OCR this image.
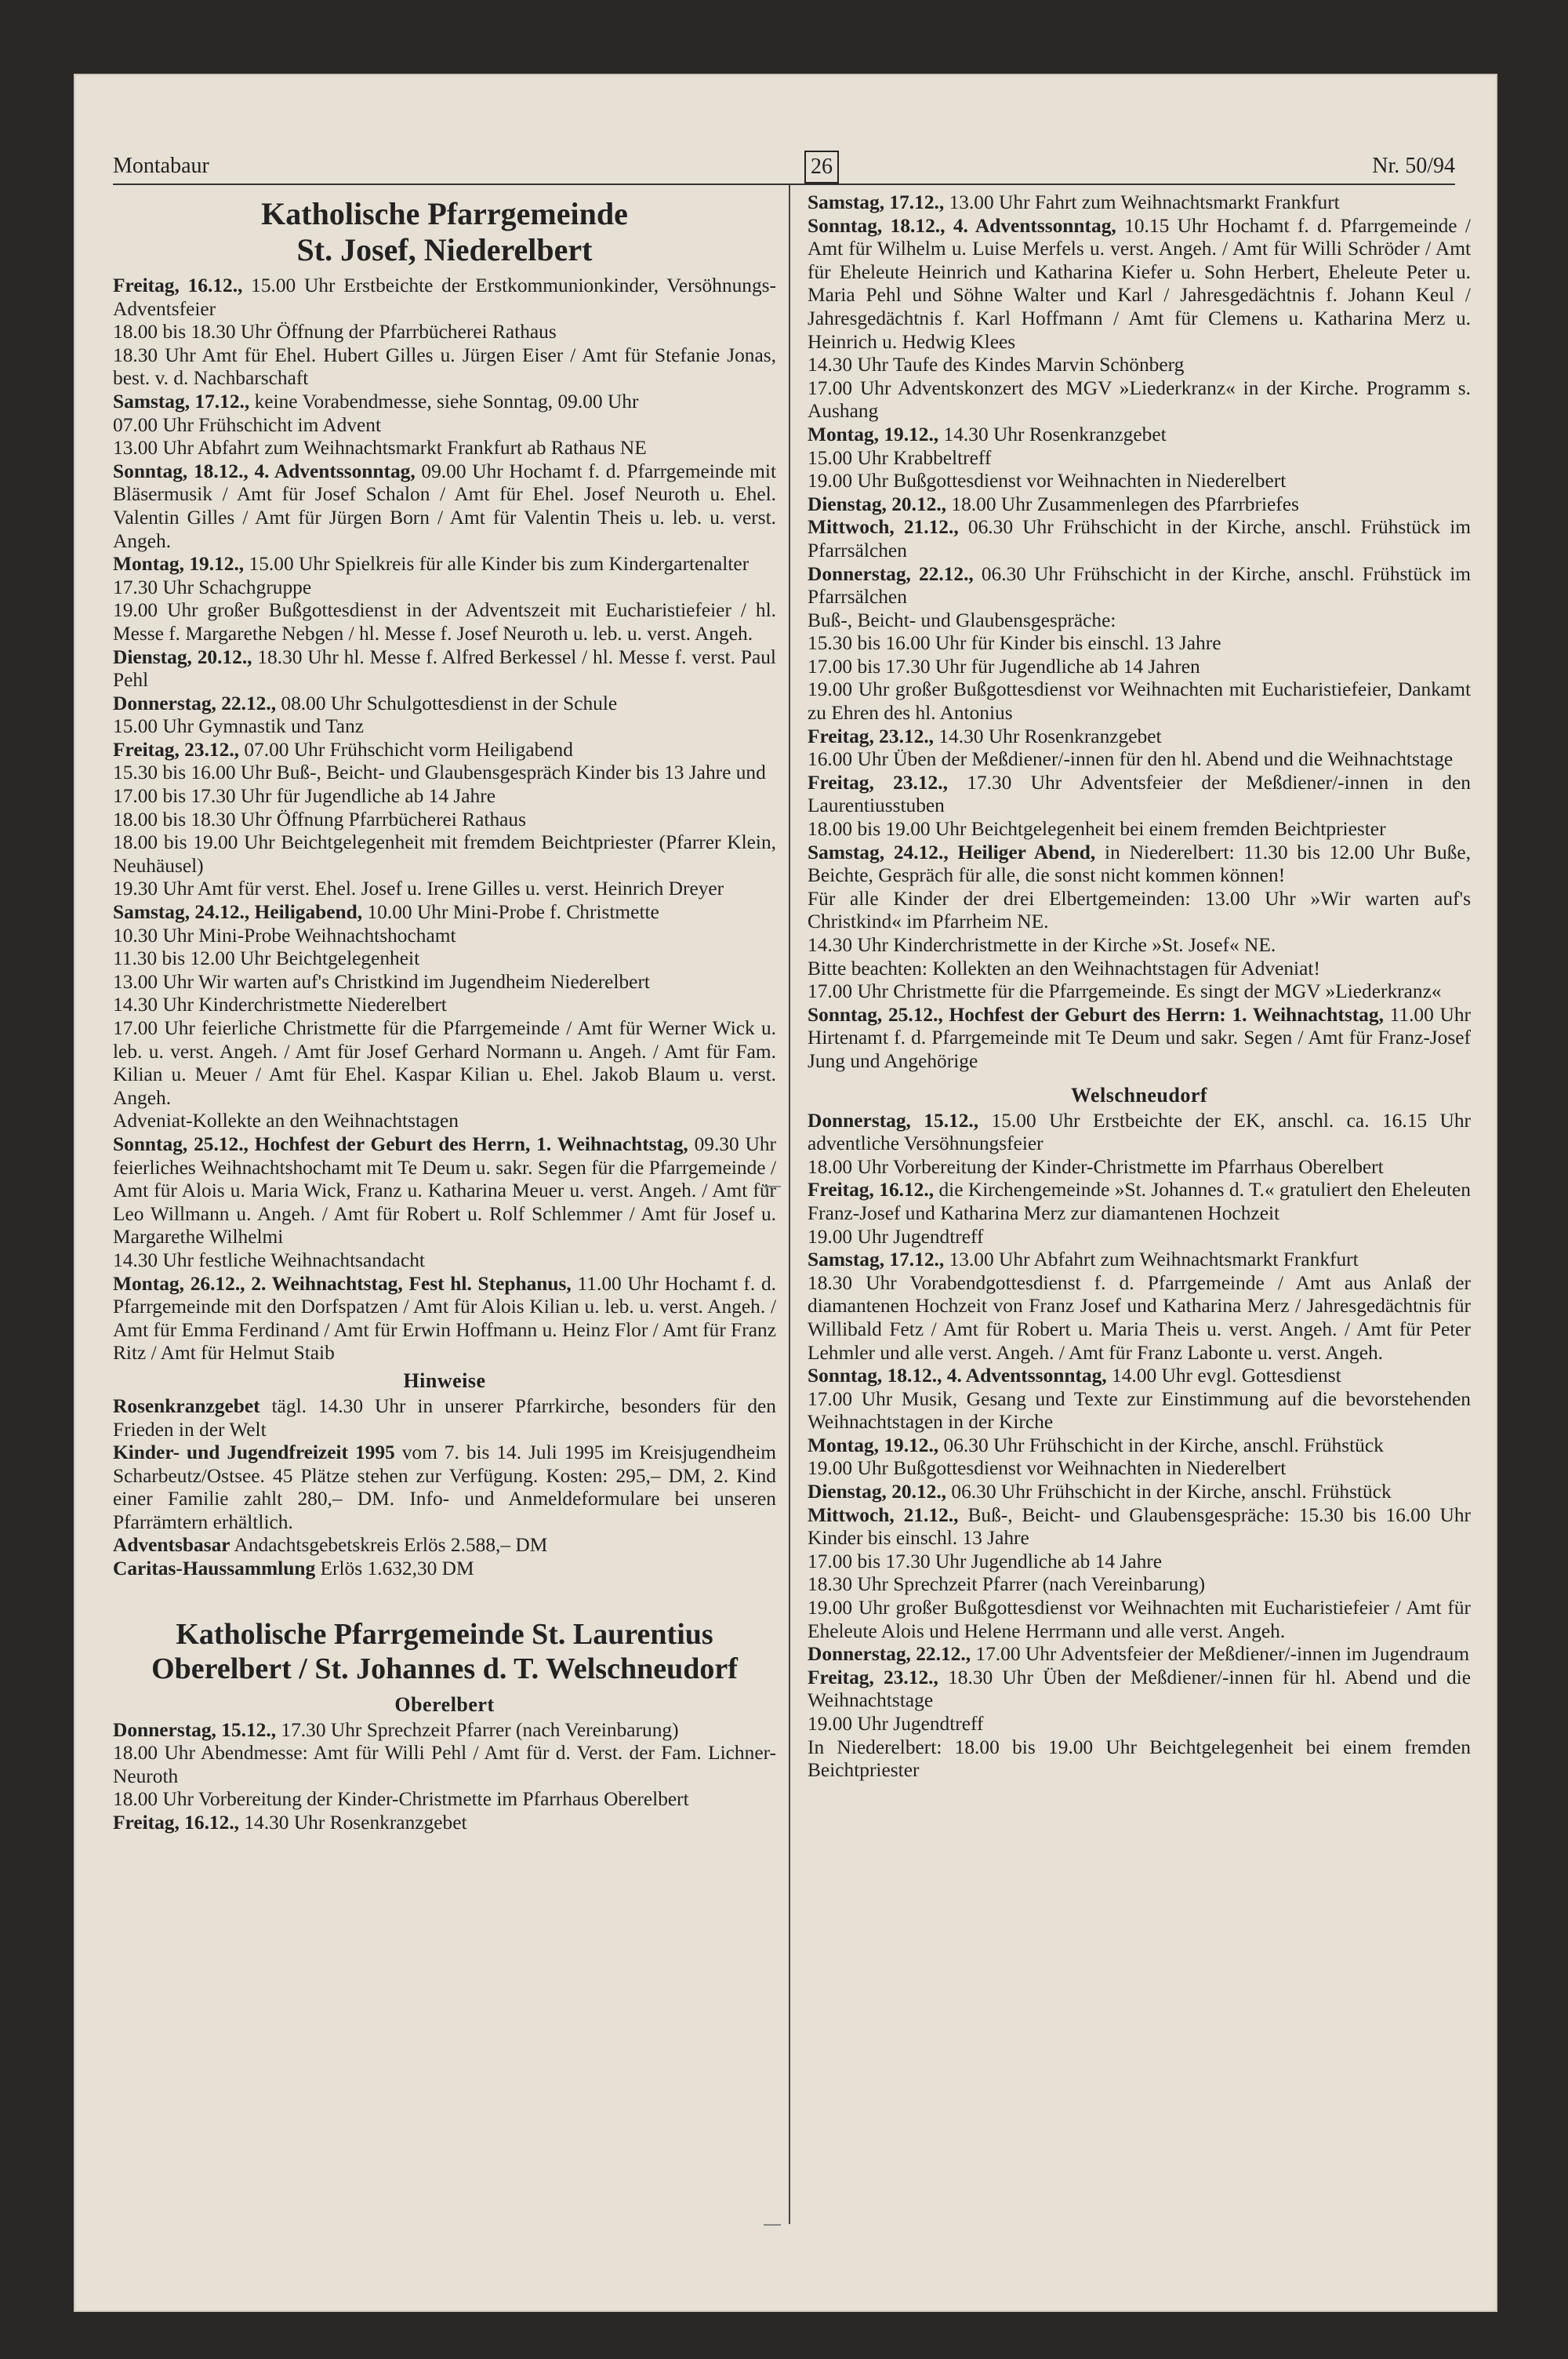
Montabaur	26	Nr. 50/94
Katholische Pfarrgemeinde
St. Josef, Niederelbert

Freitag, 16.12., 15.00 Uhr Erstbeichte der Erstkommunionkinder, Versöhnungs- Adventsfeier

18.00 bis 18.30 Uhr Öffnung der Pfarrbücherei Rathaus

18.30 Uhr Amt für Ehel. Hubert Gilles u. Jürgen Eiser / Amt für Stefanie Jonas, best. v. d. Nachbarschaft

Samstag, 17.12., keine Vorabendmesse, siehe Sonntag, 09.00 Uhr

07.00 Uhr Frühschicht im Advent

13.00 Uhr Abfahrt zum Weihnachtsmarkt Frankfurt ab Rathaus NE

Sonntag, 18.12., 4. Adventssonntag, 09.00 Uhr Hochamt f. d. Pfarrgemeinde mit Bläsermusik / Amt für Josef Schalon / Amt für Ehel. Josef Neuroth u. Ehel. Valentin Gilles / Amt für Jürgen Born / Amt für Valentin Theis u. leb. u. verst. Angeh.

Montag, 19.12., 15.00 Uhr Spielkreis für alle Kinder bis zum Kindergartenalter

17.30 Uhr Schachgruppe

19.00 Uhr großer Bußgottesdienst in der Adventszeit mit Eucharistiefeier / hl. Messe f. Margarethe Nebgen / hl. Messe f. Josef Neuroth u. leb. u. verst. Angeh.

Dienstag, 20.12., 18.30 Uhr hl. Messe f. Alfred Berkessel / hl. Messe f. verst. Paul Pehl

Donnerstag, 22.12., 08.00 Uhr Schulgottesdienst in der Schule

15.00 Uhr Gymnastik und Tanz

Freitag, 23.12., 07.00 Uhr Frühschicht vorm Heiligabend

15.30 bis 16.00 Uhr Buß-, Beicht- und Glaubensgespräch Kinder bis 13 Jahre und

17.00 bis 17.30 Uhr für Jugendliche ab 14 Jahre

18.00 bis 18.30 Uhr Öffnung Pfarrbücherei Rathaus

18.00 bis 19.00 Uhr Beichtgelegenheit mit fremdem Beichtpriester (Pfarrer Klein, Neuhäusel)

19.30 Uhr Amt für verst. Ehel. Josef u. Irene Gilles u. verst. Heinrich Dreyer

Samstag, 24.12., Heiligabend, 10.00 Uhr Mini-Probe f. Christmette

10.30 Uhr Mini-Probe Weihnachtshochamt

11.30 bis 12.00 Uhr Beichtgelegenheit

13.00 Uhr Wir warten auf's Christkind im Jugendheim Niederelbert

14.30 Uhr Kinderchristmette Niederelbert

17.00 Uhr feierliche Christmette für die Pfarrgemeinde / Amt für Werner Wick u. leb. u. verst. Angeh. / Amt für Josef Gerhard Normann u. Angeh. / Amt für Fam. Kilian u. Meuer / Amt für Ehel. Kaspar Kilian u. Ehel. Jakob Blaum u. verst. Angeh.

Adveniat-Kollekte an den Weihnachtstagen

Sonntag, 25.12., Hochfest der Geburt des Herrn, 1. Weihnachtstag, 09.30 Uhr feierliches Weihnachtshochamt mit Te Deum u. sakr. Segen für die Pfarrgemeinde / Amt für Alois u. Maria Wick, Franz u. Katharina Meuer u. verst. Angeh. / Amt für Leo Willmann u. Angeh. / Amt für Robert u. Rolf Schlemmer / Amt für Josef u. Margarethe Wilhelmi

14.30 Uhr festliche Weihnachtsandacht

Montag, 26.12., 2. Weihnachtstag, Fest hl. Stephanus, 11.00 Uhr Hochamt f. d. Pfarrgemeinde mit den Dorfspatzen / Amt für Alois Kilian u. leb. u. verst. Angeh. / Amt für Emma Ferdinand / Amt für Erwin Hoffmann u. Heinz Flor / Amt für Franz Ritz / Amt für Helmut Staib

Hinweise

Rosenkranzgebet tägl. 14.30 Uhr in unserer Pfarrkirche, besonders für den Frieden in der Welt

Kinder- und Jugendfreizeit 1995 vom 7. bis 14. Juli 1995 im Kreisjugendheim Scharbeutz/Ostsee. 45 Plätze stehen zur Verfügung. Kosten: 295,– DM, 2. Kind einer Familie zahlt 280,– DM. Info- und Anmeldeformulare bei unseren Pfarrämtern erhältlich.

Adventsbasar Andachtsgebetskreis Erlös 2.588,– DM

Caritas-Haussammlung Erlös 1.632,30 DM

Katholische Pfarrgemeinde St. Laurentius
Oberelbert / St. Johannes d. T. Welschneudorf
Oberelbert

Donnerstag, 15.12., 17.30 Uhr Sprechzeit Pfarrer (nach Vereinbarung)

18.00 Uhr Abendmesse: Amt für Willi Pehl / Amt für d. Verst. der Fam. Lichner-Neuroth

18.00 Uhr Vorbereitung der Kinder-Christmette im Pfarrhaus Oberelbert

Freitag, 16.12., 14.30 Uhr Rosenkranzgebet

Samstag, 17.12., 13.00 Uhr Fahrt zum Weihnachtsmarkt Frankfurt

Sonntag, 18.12., 4. Adventssonntag, 10.15 Uhr Hochamt f. d. Pfarrgemeinde / Amt für Wilhelm u. Luise Merfels u. verst. Angeh. / Amt für Willi Schröder / Amt für Eheleute Heinrich und Katharina Kiefer u. Sohn Herbert, Eheleute Peter u. Maria Pehl und Söhne Walter und Karl / Jahresgedächtnis f. Johann Keul / Jahresgedächtnis f. Karl Hoffmann / Amt für Clemens u. Katharina Merz u. Heinrich u. Hedwig Klees

14.30 Uhr Taufe des Kindes Marvin Schönberg

17.00 Uhr Adventskonzert des MGV »Liederkranz« in der Kirche. Programm s. Aushang

Montag, 19.12., 14.30 Uhr Rosenkranzgebet

15.00 Uhr Krabbeltreff

19.00 Uhr Bußgottesdienst vor Weihnachten in Niederelbert

Dienstag, 20.12., 18.00 Uhr Zusammenlegen des Pfarrbriefes

Mittwoch, 21.12., 06.30 Uhr Frühschicht in der Kirche, anschl. Frühstück im Pfarrsälchen

Donnerstag, 22.12., 06.30 Uhr Frühschicht in der Kirche, anschl. Frühstück im Pfarrsälchen

Buß-, Beicht- und Glaubensgespräche:

15.30 bis 16.00 Uhr für Kinder bis einschl. 13 Jahre

17.00 bis 17.30 Uhr für Jugendliche ab 14 Jahren

19.00 Uhr großer Bußgottesdienst vor Weihnachten mit Eucharistiefeier, Dankamt zu Ehren des hl. Antonius

Freitag, 23.12., 14.30 Uhr Rosenkranzgebet

16.00 Uhr Üben der Meßdiener/-innen für den hl. Abend und die Weihnachtstage

Freitag, 23.12., 17.30 Uhr Adventsfeier der Meßdiener/-innen in den Laurentiusstuben

18.00 bis 19.00 Uhr Beichtgelegenheit bei einem fremden Beichtpriester

Samstag, 24.12., Heiliger Abend, in Niederelbert: 11.30 bis 12.00 Uhr Buße, Beichte, Gespräch für alle, die sonst nicht kommen können!

Für alle Kinder der drei Elbertgemeinden: 13.00 Uhr »Wir warten auf's Christkind« im Pfarrheim NE.

14.30 Uhr Kinderchristmette in der Kirche »St. Josef« NE.

Bitte beachten: Kollekten an den Weihnachtstagen für Adveniat!

17.00 Uhr Christmette für die Pfarrgemeinde. Es singt der MGV »Liederkranz«

Sonntag, 25.12., Hochfest der Geburt des Herrn: 1. Weihnachtstag, 11.00 Uhr Hirtenamt f. d. Pfarrgemeinde mit Te Deum und sakr. Segen / Amt für Franz-Josef Jung und Angehörige

Welschneudorf

Donnerstag, 15.12., 15.00 Uhr Erstbeichte der EK, anschl. ca. 16.15 Uhr adventliche Versöhnungsfeier

18.00 Uhr Vorbereitung der Kinder-Christmette im Pfarrhaus Oberelbert

Freitag, 16.12., die Kirchengemeinde »St. Johannes d. T.« gratuliert den Eheleuten Franz-Josef und Katharina Merz zur diamantenen Hochzeit

19.00 Uhr Jugendtreff

Samstag, 17.12., 13.00 Uhr Abfahrt zum Weihnachtsmarkt Frankfurt

18.30 Uhr Vorabendgottesdienst f. d. Pfarrgemeinde / Amt aus Anlaß der diamantenen Hochzeit von Franz Josef und Katharina Merz / Jahresgedächtnis für Willibald Fetz / Amt für Robert u. Maria Theis u. verst. Angeh. / Amt für Peter Lehmler und alle verst. Angeh. / Amt für Franz Labonte u. verst. Angeh.

Sonntag, 18.12., 4. Adventssonntag, 14.00 Uhr evgl. Gottesdienst

17.00 Uhr Musik, Gesang und Texte zur Einstimmung auf die bevorstehenden Weihnachtstagen in der Kirche

Montag, 19.12., 06.30 Uhr Frühschicht in der Kirche, anschl. Frühstück

19.00 Uhr Bußgottesdienst vor Weihnachten in Niederelbert

Dienstag, 20.12., 06.30 Uhr Frühschicht in der Kirche, anschl. Frühstück

Mittwoch, 21.12., Buß-, Beicht- und Glaubensgespräche: 15.30 bis 16.00 Uhr Kinder bis einschl. 13 Jahre

17.00 bis 17.30 Uhr Jugendliche ab 14 Jahre

18.30 Uhr Sprechzeit Pfarrer (nach Vereinbarung)

19.00 Uhr großer Bußgottesdienst vor Weihnachten mit Eucharistiefeier / Amt für Eheleute Alois und Helene Herrmann und alle verst. Angeh.

Donnerstag, 22.12., 17.00 Uhr Adventsfeier der Meßdiener/-innen im Jugendraum

Freitag, 23.12., 18.30 Uhr Üben der Meßdiener/-innen für hl. Abend und die Weihnachtstage

19.00 Uhr Jugendtreff

In Niederelbert: 18.00 bis 19.00 Uhr Beichtgelegenheit bei einem fremden Beichtpriester
